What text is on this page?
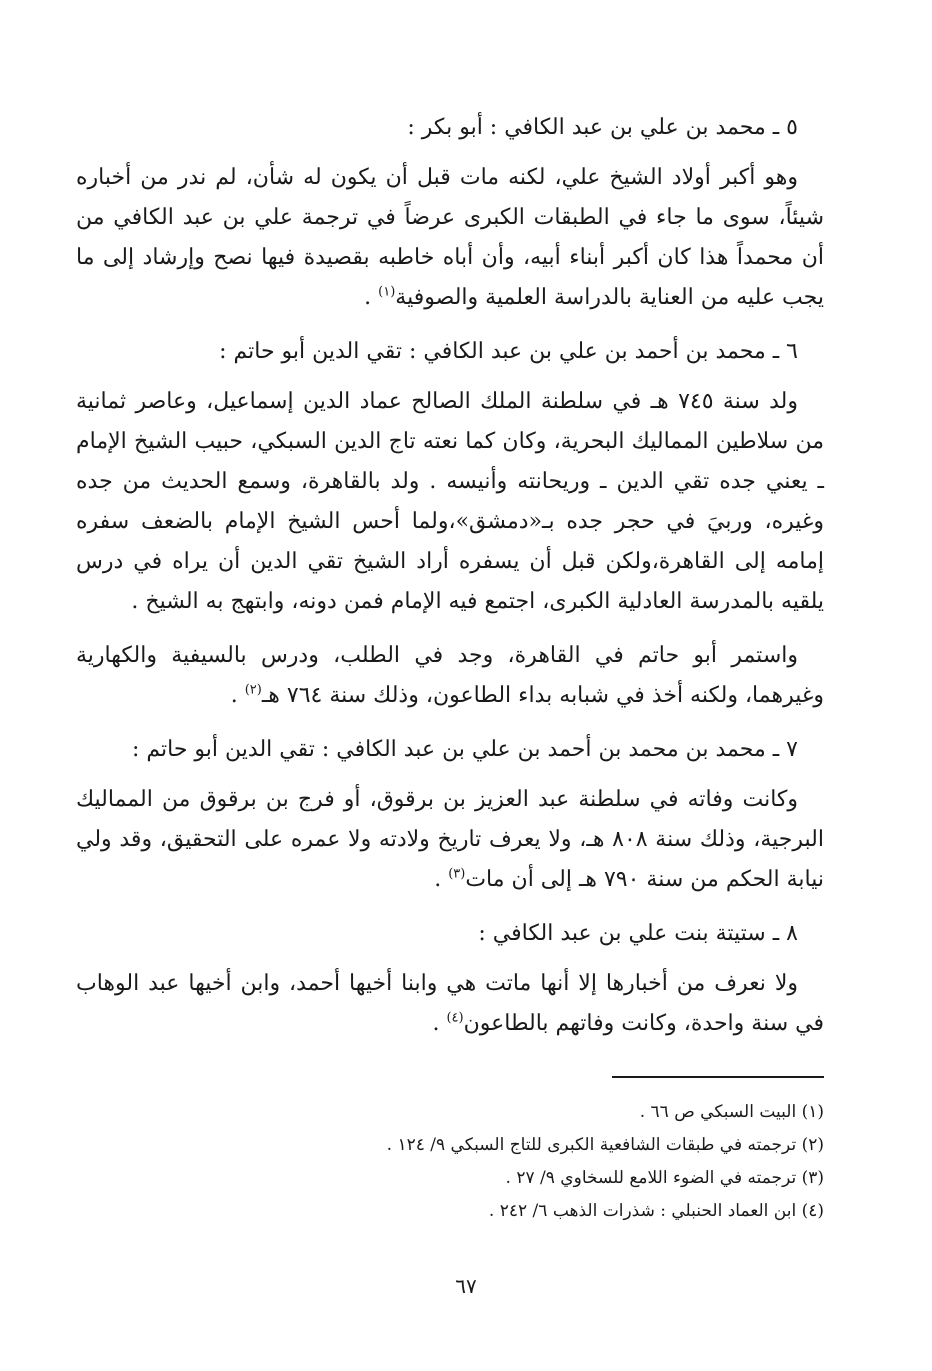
٥ ـ محمد بن علي بن عبد الكافي : أبو بكر :

وهو أكبر أولاد الشيخ علي، لكنه مات قبل أن يكون له شأن، لم ندر من أخباره شيئاً، سوى ما جاء في الطبقات الكبرى عرضاً في ترجمة علي بن عبد الكافي من أن محمداً هذا كان أكبر أبناء أبيه، وأن أباه خاطبه بقصيدة فيها نصح وإرشاد إلى ما يجب عليه من العناية بالدراسة العلمية والصوفية$^{(١)}$ .

٦ ـ محمد بن أحمد بن علي بن عبد الكافي : تقي الدين أبو حاتم :

ولد سنة ٧٤٥ هـ في سلطنة الملك الصالح عماد الدين إسماعيل، وعاصر ثمانية من سلاطين المماليك البحرية، وكان كما نعته تاج الدين السبكي، حبيب الشيخ الإمام ـ يعني جده تقي الدين ـ وريحانته وأنيسه . ولد بالقاهرة، وسمع الحديث من جده وغيره، وربيَ في حجر جده بـ«دمشق»،ولما أحس الشيخ الإمام بالضعف سفره إمامه إلى القاهرة،ولكن قبل أن يسفره أراد الشيخ تقي الدين أن يراه في درس يلقيه بالمدرسة العادلية الكبرى، اجتمع فيه الإمام فمن دونه، وابتهج به الشيخ .

واستمر أبو حاتم في القاهرة، وجد في الطلب، ودرس بالسيفية والكهارية وغيرهما، ولكنه أخذ في شبابه بداء الطاعون، وذلك سنة ٧٦٤ هـ$^{(٢)}$ .

٧ ـ محمد بن محمد بن أحمد بن علي بن عبد الكافي : تقي الدين أبو حاتم :

وكانت وفاته في سلطنة عبد العزيز بن برقوق، أو فرج بن برقوق من المماليك البرجية، وذلك سنة ٨٠٨ هـ، ولا يعرف تاريخ ولادته ولا عمره على التحقيق، وقد ولي نيابة الحكم من سنة ٧٩٠ هـ إلى أن مات$^{(٣)}$ .

٨ ـ ستيتة بنت علي بن عبد الكافي :

ولا نعرف من أخبارها إلا أنها ماتت هي وابنا أخيها أحمد، وابن أخيها عبد الوهاب في سنة واحدة، وكانت وفاتهم بالطاعون$^{(٤)}$ .

(١) البيت السبكي ص ٦٦ .
(٢) ترجمته في طبقات الشافعية الكبرى للتاج السبكي ٩/ ١٢٤ .
(٣) ترجمته في الضوء اللامع للسخاوي ٩/ ٢٧ .
(٤) ابن العماد الحنبلي : شذرات الذهب ٦/ ٢٤٢ .
٦٧
